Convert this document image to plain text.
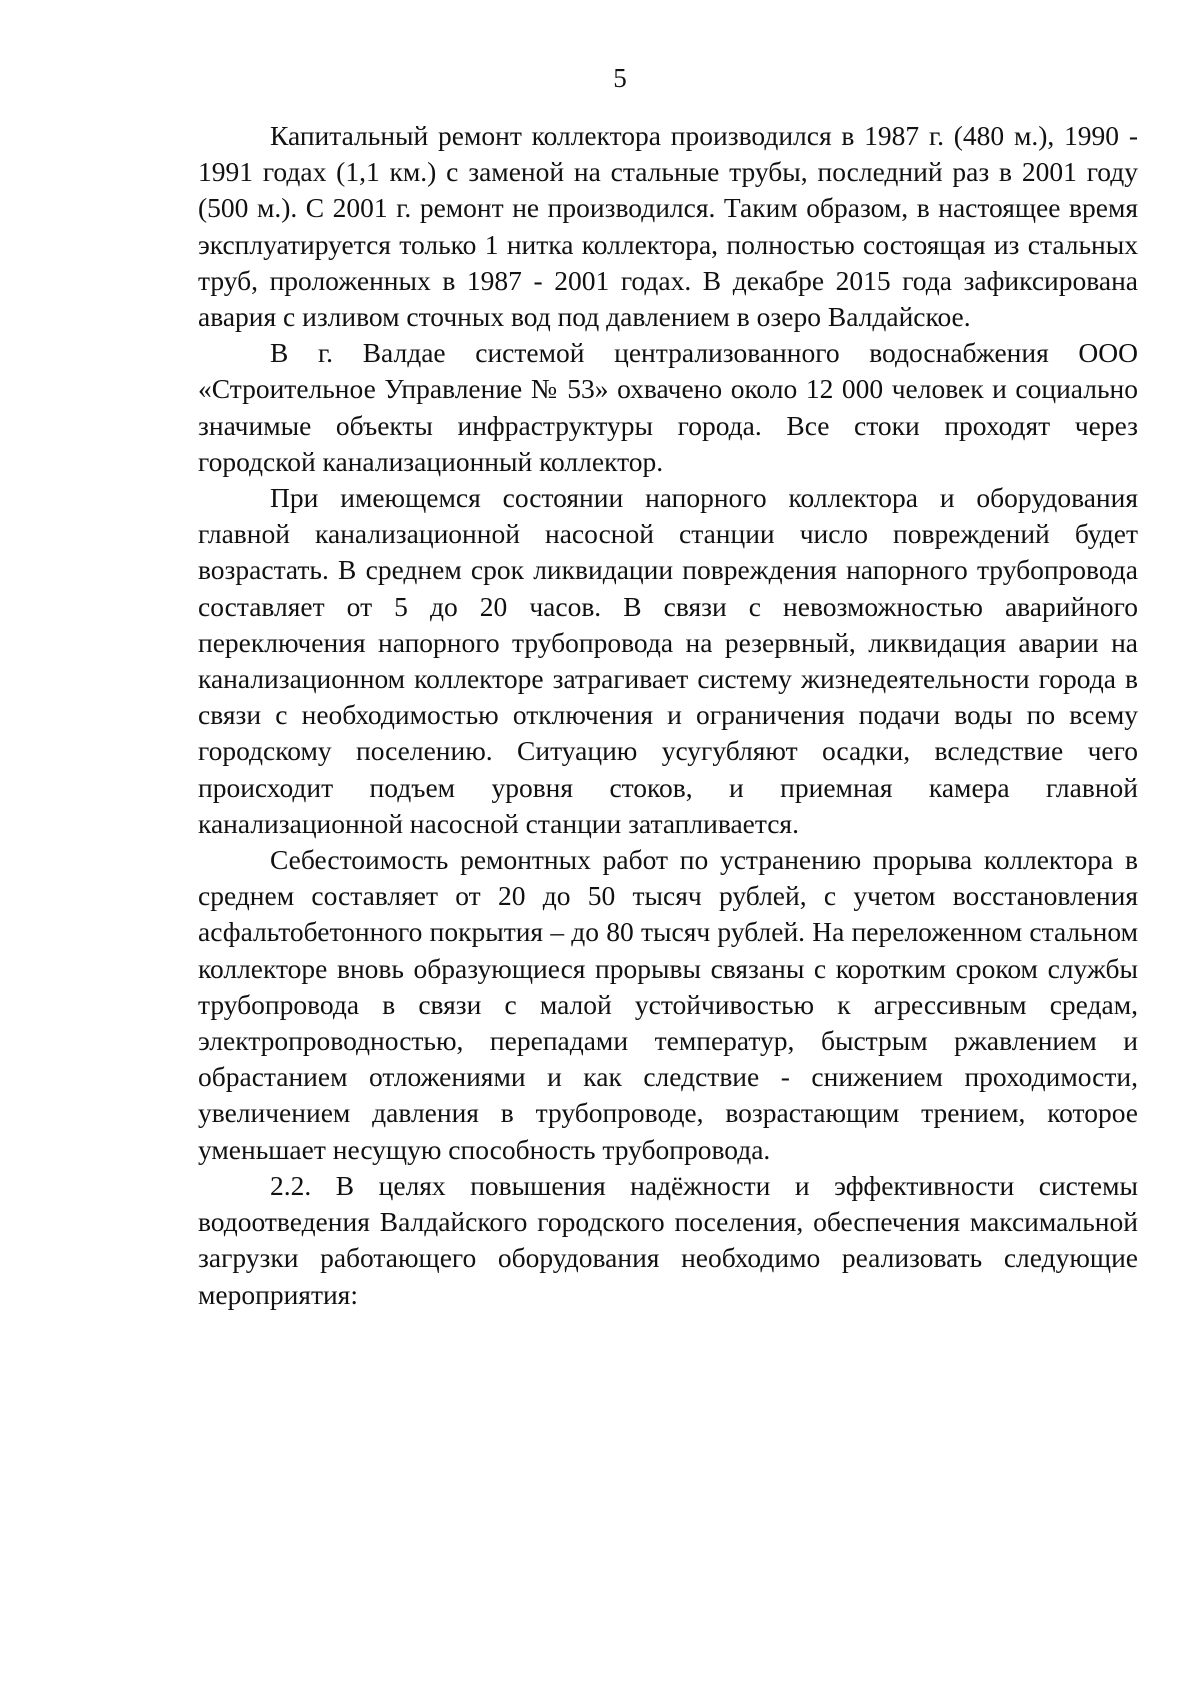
5

Капитальный ремонт коллектора производился в 1987 г. (480 м.), 1990 - 1991 годах (1,1 км.) с заменой на стальные трубы, последний раз в 2001 году (500 м.). С 2001 г. ремонт не производился. Таким образом, в настоящее время эксплуатируется только 1 нитка коллектора, полностью состоящая из стальных труб, проложенных в 1987 - 2001 годах. В декабре 2015 года зафиксирована авария с изливом сточных вод под давлением в озеро Валдайское.

В г. Валдае системой централизованного водоснабжения ООО «Строительное Управление № 53» охвачено около 12 000 человек и социально значимые объекты инфраструктуры города. Все стоки проходят через городской канализационный коллектор.

При имеющемся состоянии напорного коллектора и оборудования главной канализационной насосной станции число повреждений будет возрастать. В среднем срок ликвидации повреждения напорного трубопровода составляет от 5 до 20 часов. В связи с невозможностью аварийного переключения напорного трубопровода на резервный, ликвидация аварии на канализационном коллекторе затрагивает систему жизнедеятельности города в связи с необходимостью отключения и ограничения подачи воды по всему городскому поселению. Ситуацию усугубляют осадки, вследствие чего происходит подъем уровня стоков, и приемная камера главной канализационной насосной станции затапливается.

Себестоимость ремонтных работ по устранению прорыва коллектора в среднем составляет от 20 до 50 тысяч рублей, с учетом восстановления асфальтобетонного покрытия – до 80 тысяч рублей. На переложенном стальном коллекторе вновь образующиеся прорывы связаны с коротким сроком службы трубопровода в связи с малой устойчивостью к агрессивным средам, электропроводностью, перепадами температур, быстрым ржавлением и обрастанием отложениями и как следствие - снижением проходимости, увеличением давления в трубопроводе, возрастающим трением, которое уменьшает несущую способность трубопровода.

2.2. В целях повышения надёжности и эффективности системы водоотведения Валдайского городского поселения, обеспечения максимальной загрузки работающего оборудования необходимо реализовать следующие мероприятия:
